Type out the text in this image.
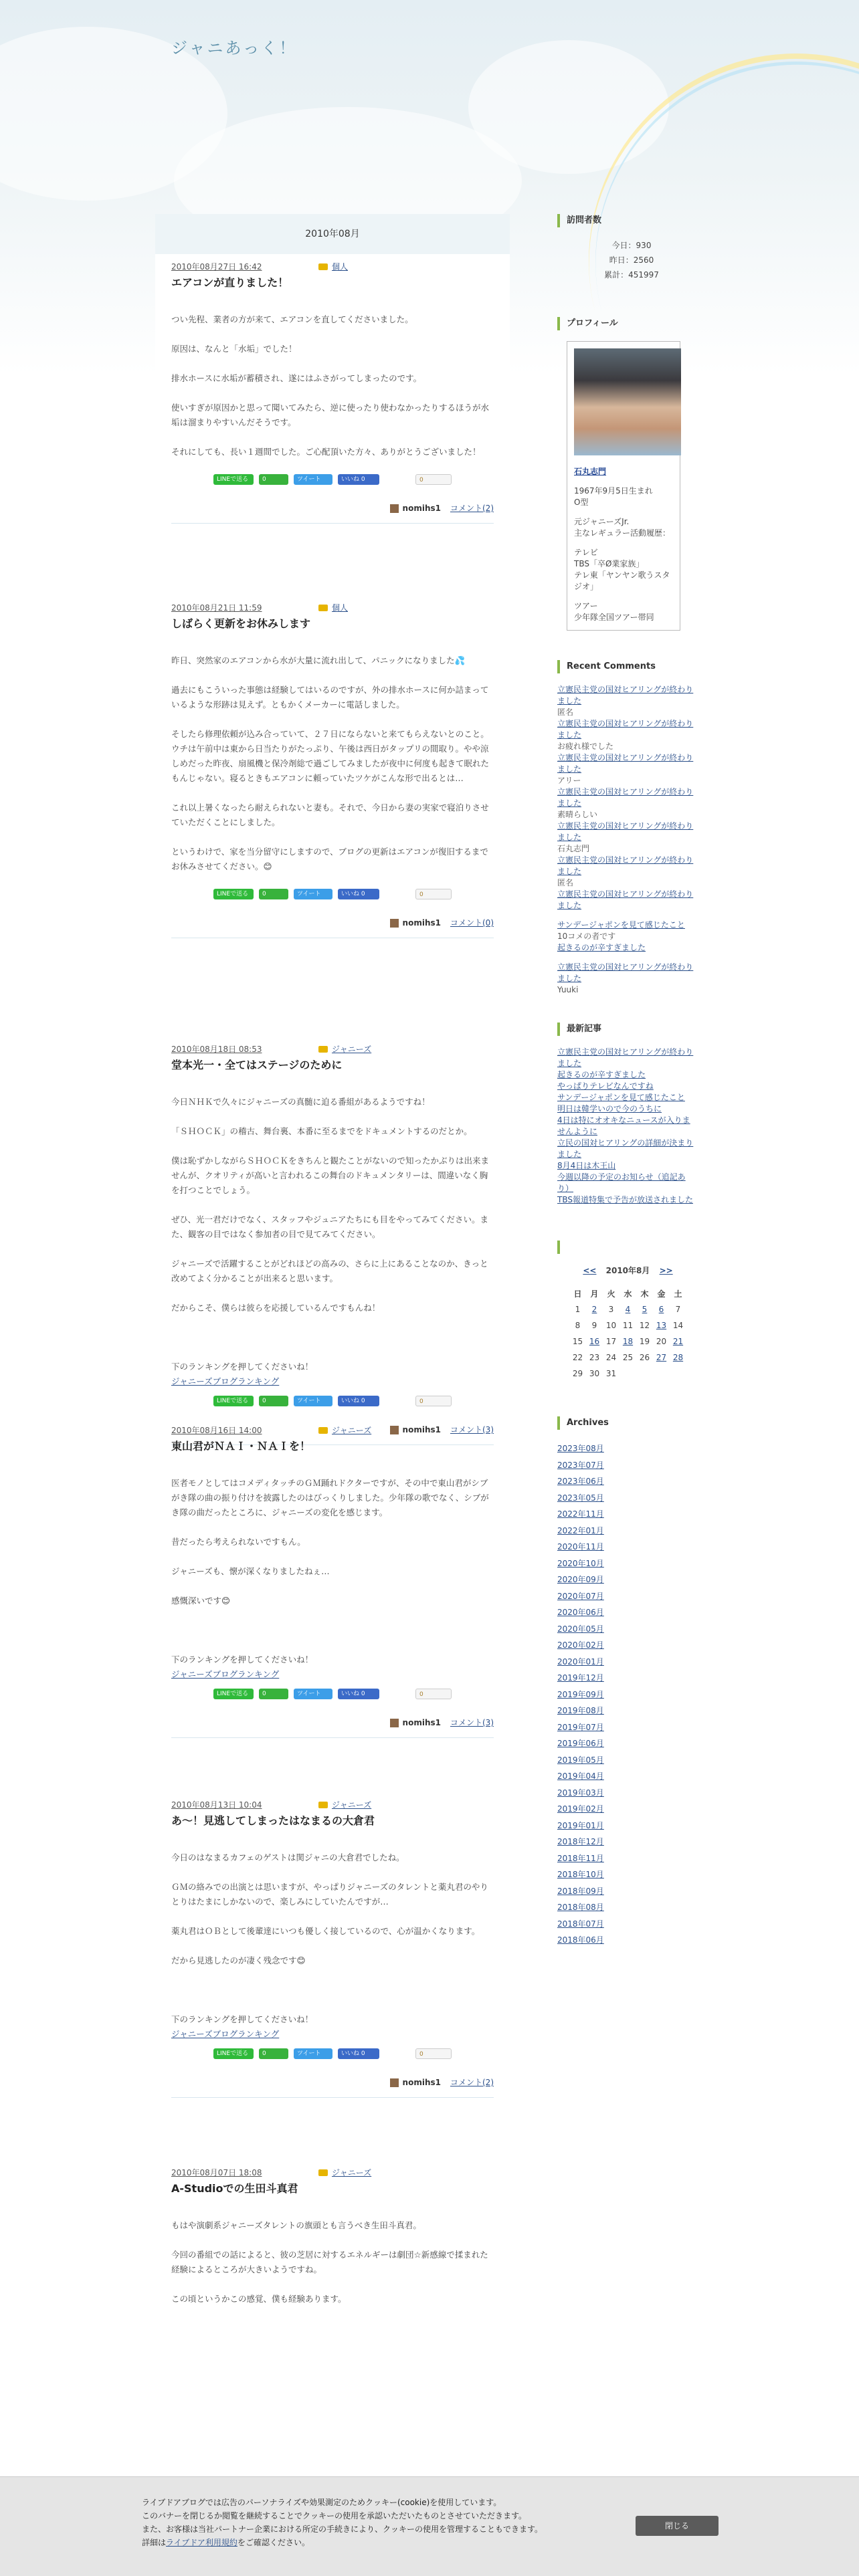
ジャニあっく！
2010年08月
2010年08月27日 16:42	個人
エアコンが直りました！

つい先程、業者の方が来て、エアコンを直してくださいました。

原因は、なんと「水垢」でした！

排水ホースに水垢が蓄積され、遂にはふさがってしまったのです。

使いすぎが原因かと思って聞いてみたら、逆に使ったり使わなかったりするほうが水垢は溜まりやすいんだそうです。

それにしても、長い１週間でした。ご心配頂いた方々、ありがとうございました！

LINEで送る	0	ツイート	いいね 0	0
nomihs1 コメント(2)
2010年08月21日 11:59	個人
しばらく更新をお休みします

昨日、突然家のエアコンから水が大量に流れ出して、パニックになりました💦

過去にもこういった事態は経験してはいるのですが、外の排水ホースに何か詰まっているような形跡は見えず。ともかくメーカーに電話しました。

そしたら修理依頼が込み合っていて、２７日にならないと来てもらえないとのこと。ウチは午前中は東から日当たりがたっぷり、午後は西日がタップリの間取り。やや涼しめだった昨夜、扇風機と保冷剤総で過ごしてみましたが夜中に何度も起きて眠れたもんじゃない。寝るときもエアコンに頼っていたツケがこんな形で出るとは…

これ以上暑くなったら耐えられないと妻も。それで、今日から妻の実家で寝泊りさせていただくことにしました。

というわけで、家を当分留守にしますので、ブログの更新はエアコンが復旧するまでお休みさせてください。😊

LINEで送る	0	ツイート	いいね 0	0
nomihs1 コメント(0)
2010年08月18日 08:53	ジャニーズ
堂本光一・全てはステージのために

今日ＮＨＫで久々にジャニーズの真髄に迫る番組があるようですね！

「ＳＨＯＣＫ」の稽古、舞台裏、本番に至るまでをドキュメントするのだとか。

僕は恥ずかしながらＳＨＯＣＫをきちんと観たことがないので知ったかぶりは出来ませんが、クオリティが高いと言われるこの舞台のドキュメンタリーは、間違いなく胸を打つことでしょう。

ぜひ、光一君だけでなく、スタッフやジュニアたちにも目をやってみてください。また、観客の目ではなく参加者の目で見てみてください。

ジャニーズで活躍することがどれほどの高みの、さらに上にあることなのか、きっと改めてよく分かることが出来ると思います。

だからこそ、僕らは彼らを応援しているんですもんね！

下のランキングを押してくださいね！

ジャニーズブログランキング
LINEで送る	0	ツイート	いいね 0	0
nomihs1 コメント(3)
2010年08月16日 14:00	ジャニーズ
東山君がＮＡＩ・ＮＡＩを！

医者モノとしてはコメディタッチのＧＭ踊れドクターですが、その中で東山君がシブがき隊の曲の振り付けを披露したのはびっくりしました。少年隊の歌でなく、シブがき隊の曲だったところに、ジャニーズの変化を感じます。

昔だったら考えられないですもん。

ジャニーズも、懐が深くなりましたねぇ…

感慨深いです😊

下のランキングを押してくださいね！

ジャニーズブログランキング
LINEで送る	0	ツイート	いいね 0	0
nomihs1 コメント(3)
2010年08月13日 10:04	ジャニーズ
あ～！見逃してしまったはなまるの大倉君

今日のはなまるカフェのゲストは関ジャニの大倉君でしたね。

ＧＭの絡みでの出演とは思いますが、やっぱりジャニーズのタレントと薬丸君のやりとりはたまにしかないので、楽しみにしていたんですが…

薬丸君はＯＢとして後輩達にいつも優しく接しているので、心が温かくなります。

だから見逃したのが凄く残念です😊

下のランキングを押してくださいね！

ジャニーズブログランキング
LINEで送る	0	ツイート	いいね 0	0
nomihs1 コメント(2)
2010年08月07日 18:08	ジャニーズ
A-Studioでの生田斗真君

もはや演劇系ジャニーズタレントの旗頭とも言うべき生田斗真君。

今回の番組での話によると、彼の芝居に対するエネルギーは劇団☆新感線で揉まれた経験によるところが大きいようですね。

この頃というかこの感覚、僕も経験あります。

訪問者数
今日：930
昨日：2560
累計：451997
プロフィール
石丸志門
1967年9月5日生まれ
O型
元ジャニーズJr.
主なレギュラー活動履歴：
テレビ
TBS「卒Ø業家族」
テレ東「ヤンヤン歌うスタジオ」
ツアー
少年隊全国ツアー帯同
Recent Comments
立憲民主党の国対ヒアリングが終わりました
匿名
立憲民主党の国対ヒアリングが終わりました
お疲れ様でした
立憲民主党の国対ヒアリングが終わりました
アリー
立憲民主党の国対ヒアリングが終わりました
素晴らしい
立憲民主党の国対ヒアリングが終わりました
石丸志門
立憲民主党の国対ヒアリングが終わりました
匿名
立憲民主党の国対ヒアリングが終わりました
サンデージャポンを見て感じたこと
10コメの者です
起きるのが辛すぎました
立憲民主党の国対ヒアリングが終わりました
Yuuki
最新記事
立憲民主党の国対ヒアリングが終わりました
起きるのが辛すぎました
やっぱりテレビなんですね
サンデージャポンを見て感じたこと
明日は韓学いので今のうちに
4日は特にオオキなニュースが入りませんように
立民の国対ヒアリングの詳細が決まりました
8月4日は木王山
今週以降の予定のお知らせ（追記あり）
TBS報道特集で予告が放送されました
<< 2010年8月 >>
日	月	火	水	木	金	土
1	2	3	4	5	6	7
8	9	10	11	12	13	14
15	16	17	18	19	20	21
22	23	24	25	26	27	28
29	30	31				
Archives
2023年08月
2023年07月
2023年06月
2023年05月
2022年11月
2022年01月
2020年11月
2020年10月
2020年09月
2020年07月
2020年06月
2020年05月
2020年02月
2020年01月
2019年12月
2019年09月
2019年08月
2019年07月
2019年06月
2019年05月
2019年04月
2019年03月
2019年02月
2019年01月
2018年12月
2018年11月
2018年10月
2018年09月
2018年08月
2018年07月
2018年06月
ライブドアブログでは広告のパーソナライズや効果測定のためクッキー(cookie)を使用しています。
このバナーを閉じるか閲覧を継続することでクッキーの使用を承認いただいたものとさせていただきます。
また、お客様は当社パートナー企業における所定の手続きにより、クッキーの使用を管理することもできます。
詳細はライブドア利用規約をご確認ください。
閉じる
